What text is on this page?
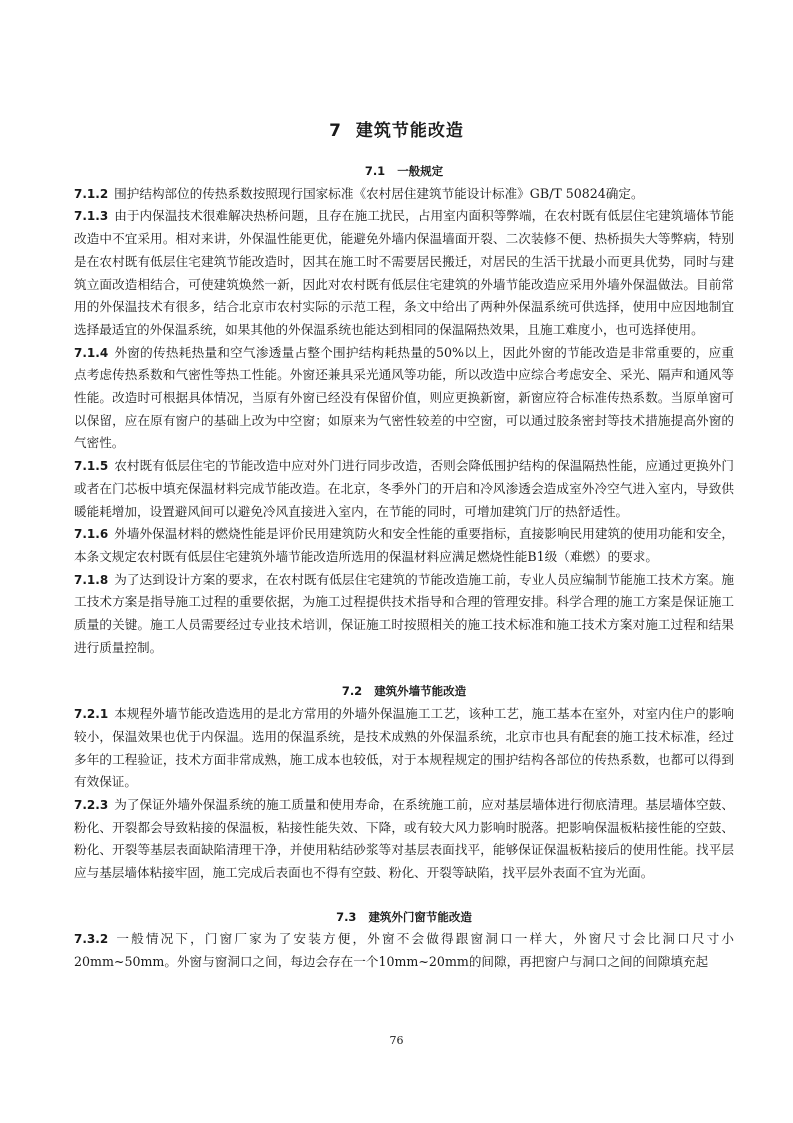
7 建筑节能改造
7.1 一般规定

7.1.2 围护结构部位的传热系数按照现行国家标准《农村居住建筑节能设计标准》GB/T 50824确定。

7.1.3 由于内保温技术很难解决热桥问题，且存在施工扰民，占用室内面积等弊端，在农村既有低层住宅建筑墙体节能改造中不宜采用。相对来讲，外保温性能更优，能避免外墙内保温墙面开裂、二次装修不便、热桥损失大等弊病，特别是在农村既有低层住宅建筑节能改造时，因其在施工时不需要居民搬迁，对居民的生活干扰最小而更具优势，同时与建筑立面改造相结合，可使建筑焕然一新，因此对农村既有低层住宅建筑的外墙节能改造应采用外墙外保温做法。目前常用的外保温技术有很多，结合北京市农村实际的示范工程，条文中给出了两种外保温系统可供选择，使用中应因地制宜选择最适宜的外保温系统，如果其他的外保温系统也能达到相同的保温隔热效果，且施工难度小，也可选择使用。

7.1.4 外窗的传热耗热量和空气渗透量占整个围护结构耗热量的50%以上，因此外窗的节能改造是非常重要的，应重点考虑传热系数和气密性等热工性能。外窗还兼具采光通风等功能，所以改造中应综合考虑安全、采光、隔声和通风等性能。改造时可根据具体情况，当原有外窗已经没有保留价值，则应更换新窗，新窗应符合标准传热系数。当原单窗可以保留，应在原有窗户的基础上改为中空窗；如原来为气密性较差的中空窗，可以通过胶条密封等技术措施提高外窗的气密性。

7.1.5 农村既有低层住宅的节能改造中应对外门进行同步改造，否则会降低围护结构的保温隔热性能，应通过更换外门或者在门芯板中填充保温材料完成节能改造。在北京，冬季外门的开启和冷风渗透会造成室外冷空气进入室内，导致供暖能耗增加，设置避风间可以避免冷风直接进入室内，在节能的同时，可增加建筑门厅的热舒适性。

7.1.6 外墙外保温材料的燃烧性能是评价民用建筑防火和安全性能的重要指标，直接影响民用建筑的使用功能和安全，本条文规定农村既有低层住宅建筑外墙节能改造所选用的保温材料应满足燃烧性能B1级（难燃）的要求。

7.1.8 为了达到设计方案的要求，在农村既有低层住宅建筑的节能改造施工前，专业人员应编制节能施工技术方案。施工技术方案是指导施工过程的重要依据，为施工过程提供技术指导和合理的管理安排。科学合理的施工方案是保证施工质量的关键。施工人员需要经过专业技术培训，保证施工时按照相关的施工技术标准和施工技术方案对施工过程和结果进行质量控制。

7.2 建筑外墙节能改造

7.2.1 本规程外墙节能改造选用的是北方常用的外墙外保温施工工艺，该种工艺，施工基本在室外，对室内住户的影响较小，保温效果也优于内保温。选用的保温系统，是技术成熟的外保温系统，北京市也具有配套的施工技术标准，经过多年的工程验证，技术方面非常成熟，施工成本也较低，对于本规程规定的围护结构各部位的传热系数，也都可以得到有效保证。

7.2.3 为了保证外墙外保温系统的施工质量和使用寿命，在系统施工前，应对基层墙体进行彻底清理。基层墙体空鼓、粉化、开裂都会导致粘接的保温板，粘接性能失效、下降，或有较大风力影响时脱落。把影响保温板粘接性能的空鼓、粉化、开裂等基层表面缺陷清理干净，并使用粘结砂浆等对基层表面找平，能够保证保温板粘接后的使用性能。找平层应与基层墙体粘接牢固，施工完成后表面也不得有空鼓、粉化、开裂等缺陷，找平层外表面不宜为光面。

7.3 建筑外门窗节能改造

7.3.2 一般情况下，门窗厂家为了安装方便，外窗不会做得跟窗洞口一样大，外窗尺寸会比洞口尺寸小20mm~50mm。外窗与窗洞口之间，每边会存在一个10mm~20mm的间隙，再把窗户与洞口之间的间隙填充起

76
